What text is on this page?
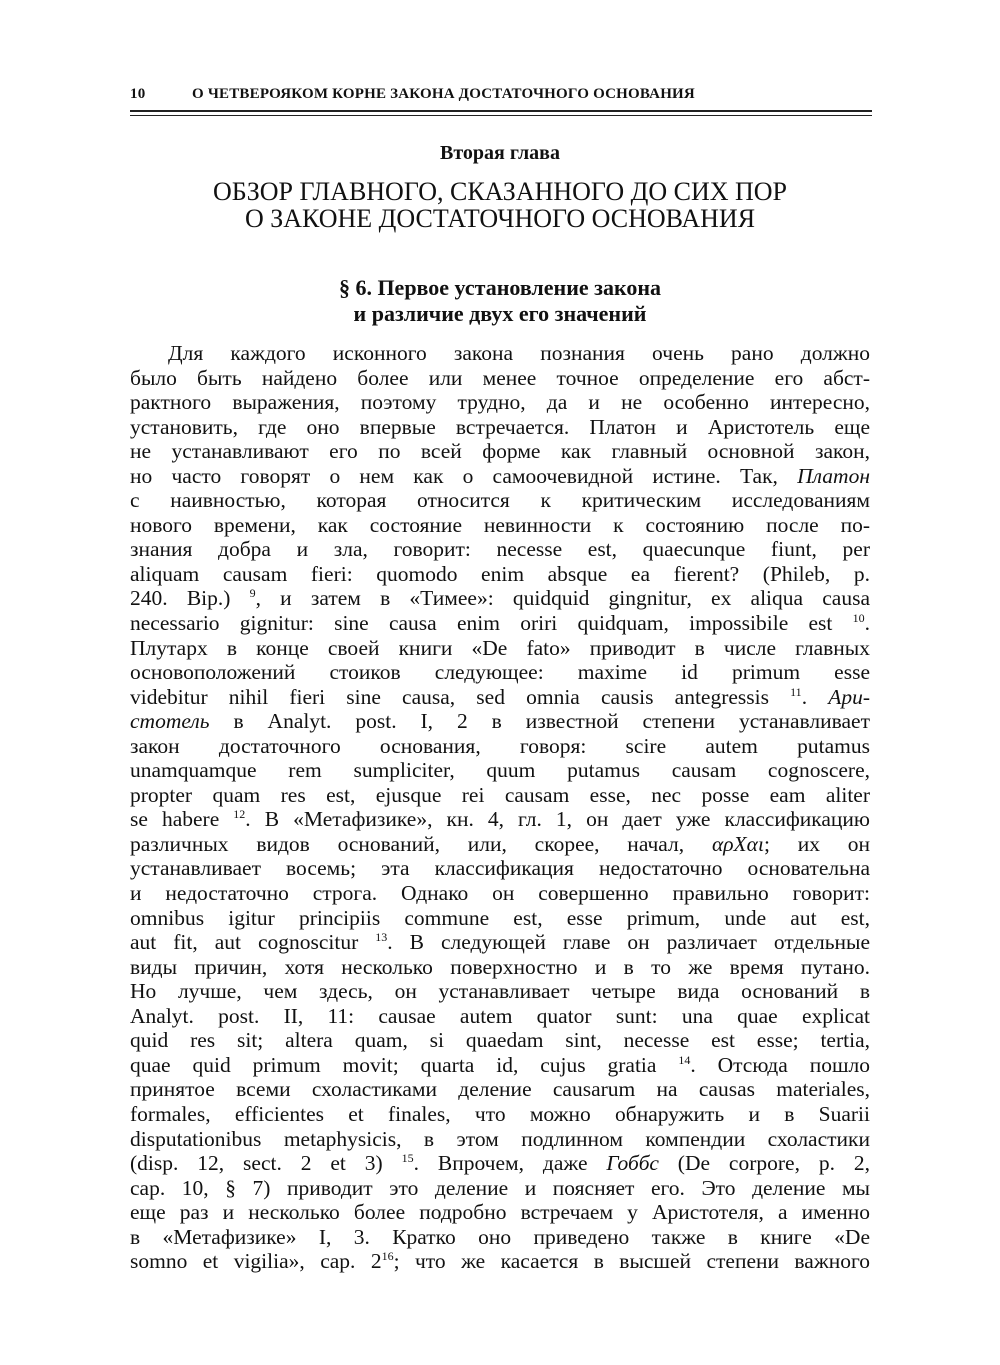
10	О ЧЕТВЕРОЯКОМ КОРНЕ ЗАКОНА ДОСТАТОЧНОГО ОСНОВАНИЯ
Вторая глава
ОБЗОР ГЛАВНОГО, СКАЗАННОГО ДО СИХ ПОР
О ЗАКОНЕ ДОСТАТОЧНОГО ОСНОВАНИЯ
§ 6. Первое установление закона
и различие двух его значений
Для каждого исконного закона познания очень рано должно
было быть найдено более или менее точное определение его абст-
рактного выражения, поэтому трудно, да и не особенно интересно,
установить, где оно впервые встречается. Платон и Аристотель еще
не устанавливают его по всей форме как главный основной закон,
но часто говорят о нем как о самоочевидной истине. Так, Платон
с наивностью, которая относится к критическим исследованиям
нового времени, как состояние невинности к состоянию после по-
знания добра и зла, говорит: necesse est, quaecunque fiunt, per
aliquam causam fieri: quomodo enim absque ea fierent? (Phileb, p.
240. Bip.) $^9$, и затем в «Тимее»: quidquid gingnitur, ex aliqua causa
necessario gignitur: sine causa enim oriri quidquam, impossibile est $^{10}$.
Плутарх в конце своей книги «De fato» приводит в числе главных
основоположений стоиков следующее: maxime id primum esse
videbitur nihil fieri sine causa, sed omnia causis antegressis $^{11}$. Ари-
стотель в Analyt. post. I, 2 в известной степени устанавливает
закон достаточного основания, говоря: scire autem putamus
unamquamque rem sumpliciter, quum putamus causam cognoscere,
propter quam res est, ejusque rei causam esse, nec posse eam aliter
se habere $^{12}$. В «Метафизике», кн. 4, гл. 1, он дает уже классификацию
различных видов оснований, или, скорее, начал, αρΧαι; их он
устанавливает восемь; эта классификация недостаточно основательна
и недостаточно строга. Однако он совершенно правильно говорит:
omnibus igitur principiis commune est, esse primum, unde aut est,
aut fit, aut cognoscitur $^{13}$. В следующей главе он различает отдельные
виды причин, хотя несколько поверхностно и в то же время путано.
Но лучше, чем здесь, он устанавливает четыре вида оснований в
Analyt. post. II, 11: causae autem quator sunt: una quae explicat
quid res sit; altera quam, si quaedam sint, necesse est esse; tertia,
quae quid primum movit; quarta id, cujus gratia $^{14}$. Отсюда пошло
принятое всеми схоластиками деление causarum на causas materiales,
formales, efficientes et finales, что можно обнаружить и в Suarii
disputationibus metaphysicis, в этом подлинном компендии схоластики
(disp. 12, sect. 2 et 3) $^{15}$. Впрочем, даже Гоббс (De corpore, p. 2,
cap. 10, § 7) приводит это деление и поясняет его. Это деление мы
еще раз и несколько более подробно встречаем у Аристотеля, а именно
в «Метафизике» I, 3. Кратко оно приведено также в книге «De
somno et vigilia», cap. $2^{16}$; что же касается в высшей степени важного
